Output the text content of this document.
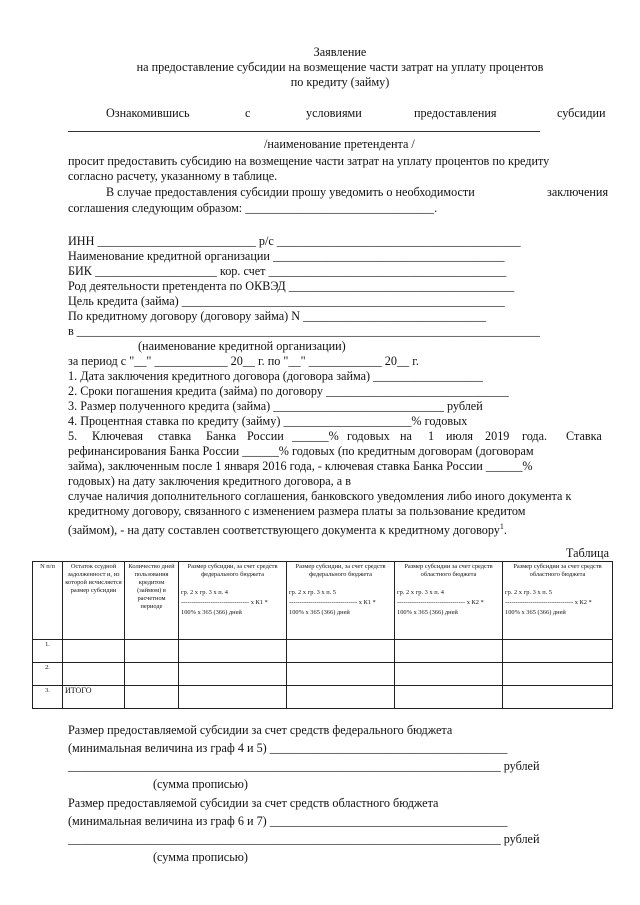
Заявление
на предоставление субсидии на возмещение части затрат на уплату процентов
по кредиту (займу)
Ознакомившись	с	условиями	предоставления	субсидии
/наименование претендента /
просит предоставить субсидию на возмещение части затрат на уплату процентов по кредиту
согласно расчету, указанному в таблице.
В случае предоставления субсидии прошу уведомить о необходимости	заключения
соглашения следующим образом: _______________________________.
ИНН __________________________ р/с ________________________________________
Наименование кредитной организации ______________________________________
БИК ____________________ кор. счет _______________________________________
Род деятельности претендента по ОКВЭД _____________________________________
Цель кредита (займа) _____________________________________________________
По кредитному договору (договору займа) N ______________________________
в ____________________________________________________________________________
(наименование кредитной организации)
за период с "__" ____________ 20__ г. по "__" ____________ 20__ г.
1. Дата заключения кредитного договора (договора займа) __________________
2. Сроки погашения кредита (займа) по договору ______________________________
3. Размер полученного кредита (займа) ____________________________ рублей
4. Процентная ставка по кредиту (займу) _____________________% годовых
5. Ключевая ставка Банка России ______% годовых на 1 июля 2019 года. Ставка
рефинансирования Банка России ______% годовых (по кредитным договорам (договорам
займа), заключенным после 1 января 2016 года, - ключевая ставка Банка России ______%
годовых) на дату заключения кредитного договора, а в
случае наличия дополнительного соглашения, банковского уведомления либо иного документа к
кредитному договору, связанного с изменением размера платы за пользование кредитом
(займом), - на дату составлен соответствующего документа к кредитному договору$^1$.
Таблица
N п/п	Остаток ссудной задолженност и, из которой исчисляется размер субсидии	Количество дней пользования кредитом (займом) в расчетном периоде	Размер субсидии, за счет средств федерального бюджета
гр. 2 x гр. 3 x п. 4
-------------------------------- x К1 *
100% x 365 (366) дней	Размер субсидии, за счет средств федерального бюджета
гр. 2 x гр. 3 x п. 5
-------------------------------- x К1 *
100% x 365 (366) дней	Размер субсидии за счет средств областного бюджета
гр. 2 x гр. 3 x п. 4
-------------------------------- x К2 *
100% x 365 (366) дней	Размер субсидии за счет средств областного бюджета
гр. 2 x гр. 3 x п. 5
-------------------------------- x К2 *
100% x 365 (366) дней

1.						
2.						
3.	ИТОГО					
Размер предоставляемой субсидии за счет средств федерального бюджета
(минимальная величина из граф 4 и 5) _______________________________________
_______________________________________________________________________ рублей
(сумма прописью)
Размер предоставляемой субсидии за счет средств областного бюджета
(минимальная величина из граф 6 и 7) _______________________________________
_______________________________________________________________________ рублей
(сумма прописью)
